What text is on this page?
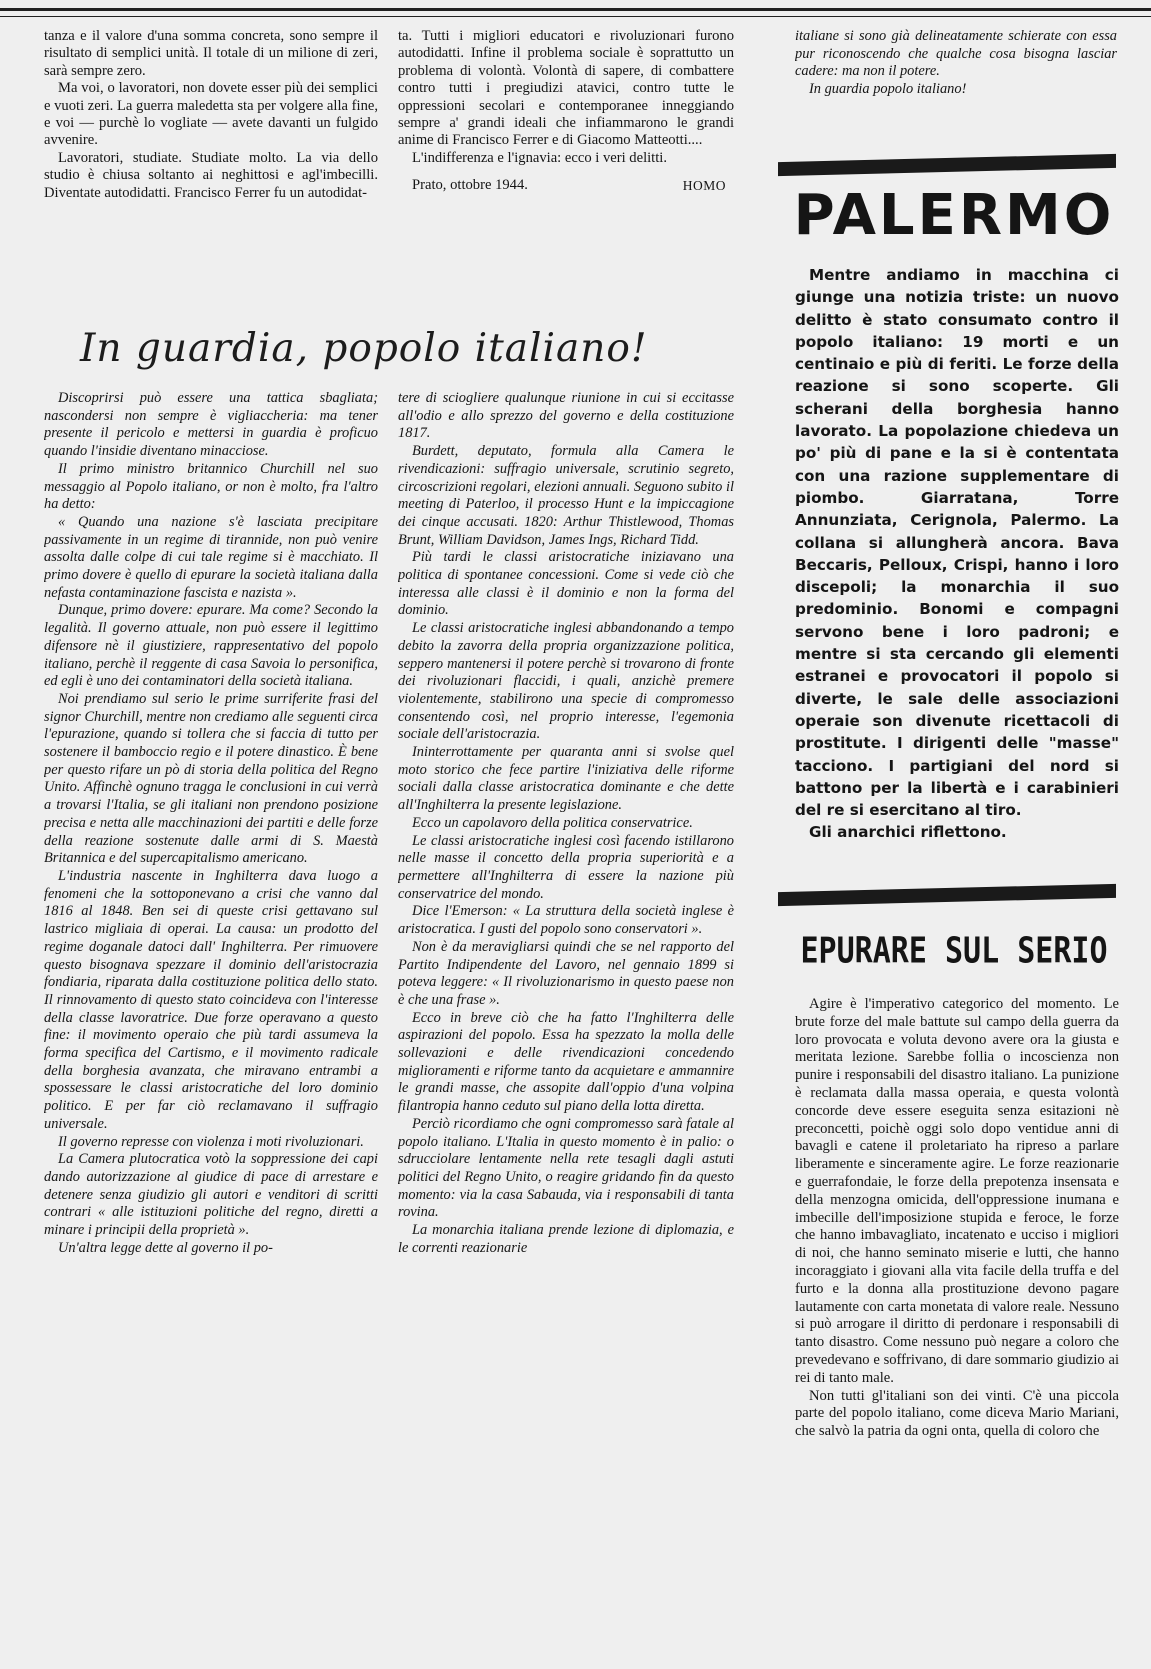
tanza e il valore d'una somma concreta, sono sempre il risultato di semplici unità. Il totale di un milione di zeri, sarà sempre zero.

Ma voi, o lavoratori, non dovete esser più dei semplici e vuoti zeri. La guerra maledetta sta per volgere alla fine, e voi — purchè lo vogliate — avete davanti un fulgido avvenire.

Lavoratori, studiate. Studiate molto. La via dello studio è chiusa soltanto ai neghittosi e agl'imbecilli. Diventate autodidatti. Francisco Ferrer fu un autodidat-

ta. Tutti i migliori educatori e rivoluzionari furono autodidatti. Infine il problema sociale è soprattutto un problema di volontà. Volontà di sapere, di combattere contro tutti i pregiudizi atavici, contro tutte le oppressioni secolari e contemporanee inneggiando sempre a' grandi ideali che infiammarono le grandi anime di Francisco Ferrer e di Giacomo Matteotti....

L'indifferenza e l'ignavia: ecco i veri delitti.

Prato, ottobre 1944.	HOMO

italiane si sono già delineatamente schierate con essa pur riconoscendo che qualche cosa bisogna lasciar cadere: ma non il potere.

In guardia popolo italiano!

In guardia, popolo italiano!

Discoprirsi può essere una tattica sbagliata; nascondersi non sempre è vigliaccheria: ma tener presente il pericolo e mettersi in guardia è proficuo quando l'insidie diventano minacciose.

Il primo ministro britannico Churchill nel suo messaggio al Popolo italiano, or non è molto, fra l'altro ha detto:

« Quando una nazione s'è lasciata precipitare passivamente in un regime di tirannide, non può venire assolta dalle colpe di cui tale regime si è macchiato. Il primo dovere è quello di epurare la società italiana dalla nefasta contaminazione fascista e nazista ».

Dunque, primo dovere: epurare. Ma come? Secondo la legalità. Il governo attuale, non può essere il legittimo difensore nè il giustiziere, rappresentativo del popolo italiano, perchè il reggente di casa Savoia lo personifica, ed egli è uno dei contaminatori della società italiana.

Noi prendiamo sul serio le prime surriferite frasi del signor Churchill, mentre non crediamo alle seguenti circa l'epurazione, quando si tollera che si faccia di tutto per sostenere il bamboccio regio e il potere dinastico. È bene per questo rifare un pò di storia della politica del Regno Unito. Affinchè ognuno tragga le conclusioni in cui verrà a trovarsi l'Italia, se gli italiani non prendono posizione precisa e netta alle macchinazioni dei partiti e delle forze della reazione sostenute dalle armi di S. Maestà Britannica e del supercapitalismo americano.

L'industria nascente in Inghilterra dava luogo a fenomeni che la sottoponevano a crisi che vanno dal 1816 al 1848. Ben sei di queste crisi gettavano sul lastrico migliaia di operai. La causa: un prodotto del regime doganale datoci dall' Inghilterra. Per rimuovere questo bisognava spezzare il dominio dell'aristocrazia fondiaria, riparata dalla costituzione politica dello stato. Il rinnovamento di questo stato coincideva con l'interesse della classe lavoratrice. Due forze operavano a questo fine: il movimento operaio che più tardi assumeva la forma specifica del Cartismo, e il movimento radicale della borghesia avanzata, che miravano entrambi a spossessare le classi aristocratiche del loro dominio politico. E per far ciò reclamavano il suffragio universale.

Il governo represse con violenza i moti rivoluzionari.

La Camera plutocratica votò la soppressione dei capi dando autorizzazione al giudice di pace di arrestare e detenere senza giudizio gli autori e venditori di scritti contrari « alle istituzioni politiche del regno, diretti a minare i principii della proprietà ».

Un'altra legge dette al governo il po-

tere di sciogliere qualunque riunione in cui si eccitasse all'odio e allo sprezzo del governo e della costituzione 1817.

Burdett, deputato, formula alla Camera le rivendicazioni: suffragio universale, scrutinio segreto, circoscrizioni regolari, elezioni annuali. Seguono subito il meeting di Paterloo, il processo Hunt e la impiccagione dei cinque accusati. 1820: Arthur Thistlewood, Thomas Brunt, William Davidson, James Ings, Richard Tidd.

Più tardi le classi aristocratiche iniziavano una politica di spontanee concessioni. Come si vede ciò che interessa alle classi è il dominio e non la forma del dominio.

Le classi aristocratiche inglesi abbandonando a tempo debito la zavorra della propria organizzazione politica, seppero mantenersi il potere perchè si trovarono di fronte dei rivoluzionari flaccidi, i quali, anzichè premere violentemente, stabilirono una specie di compromesso consentendo così, nel proprio interesse, l'egemonia sociale dell'aristocrazia.

Ininterrottamente per quaranta anni si svolse quel moto storico che fece partire l'iniziativa delle riforme sociali dalla classe aristocratica dominante e che dette all'Inghilterra la presente legislazione.

Ecco un capolavoro della politica conservatrice.

Le classi aristocratiche inglesi così facendo istillarono nelle masse il concetto della propria superiorità e a permettere all'Inghilterra di essere la nazione più conservatrice del mondo.

Dice l'Emerson: « La struttura della società inglese è aristocratica. I gusti del popolo sono conservatori ».

Non è da meravigliarsi quindi che se nel rapporto del Partito Indipendente del Lavoro, nel gennaio 1899 si poteva leggere: « Il rivoluzionarismo in questo paese non è che una frase ».

Ecco in breve ciò che ha fatto l'Inghilterra delle aspirazioni del popolo. Essa ha spezzato la molla delle sollevazioni e delle rivendicazioni concedendo miglioramenti e riforme tanto da acquietare e ammannire le grandi masse, che assopite dall'oppio d'una volpina filantropia hanno ceduto sul piano della lotta diretta.

Perciò ricordiamo che ogni compromesso sarà fatale al popolo italiano. L'Italia in questo momento è in palio: o sdrucciolare lentamente nella rete tesagli dagli astuti politici del Regno Unito, o reagire gridando fin da questo momento: via la casa Sabauda, via i responsabili di tanta rovina.

La monarchia italiana prende lezione di diplomazia, e le correnti reazionarie

PALERMO

Mentre andiamo in macchina ci giunge una notizia triste: un nuovo delitto è stato consumato contro il popolo italiano: 19 morti e un centinaio e più di feriti. Le forze della reazione si sono scoperte. Gli scherani della borghesia hanno lavorato. La popolazione chiedeva un po' più di pane e la si è contentata con una razione supplementare di piombo. Giarratana, Torre Annunziata, Cerignola, Palermo. La collana si allungherà ancora. Bava Beccaris, Pelloux, Crispi, hanno i loro discepoli; la monarchia il suo predominio. Bonomi e compagni servono bene i loro padroni; e mentre si sta cercando gli elementi estranei e provocatori il popolo si diverte, le sale delle associazioni operaie son divenute ricettacoli di prostitute. I dirigenti delle "masse" tacciono. I partigiani del nord si battono per la libertà e i carabinieri del re si esercitano al tiro.

Gli anarchici riflettono.

EPURARE SUL SERIO

Agire è l'imperativo categorico del momento. Le brute forze del male battute sul campo della guerra da loro provocata e voluta devono avere ora la giusta e meritata lezione. Sarebbe follia o incoscienza non punire i responsabili del disastro italiano. La punizione è reclamata dalla massa operaia, e questa volontà concorde deve essere eseguita senza esitazioni nè preconcetti, poichè oggi solo dopo ventidue anni di bavagli e catene il proletariato ha ripreso a parlare liberamente e sinceramente agire. Le forze reazionarie e guerrafondaie, le forze della prepotenza insensata e della menzogna omicida, dell'oppressione inumana e imbecille dell'imposizione stupida e feroce, le forze che hanno imbavagliato, incatenato e ucciso i migliori di noi, che hanno seminato miserie e lutti, che hanno incoraggiato i giovani alla vita facile della truffa e del furto e la donna alla prostituzione devono pagare lautamente con carta monetata di valore reale. Nessuno si può arrogare il diritto di perdonare i responsabili di tanto disastro. Come nessuno può negare a coloro che prevedevano e soffrivano, di dare sommario giudizio ai rei di tanto male.

Non tutti gl'italiani son dei vinti. C'è una piccola parte del popolo italiano, come diceva Mario Mariani, che salvò la patria da ogni onta, quella di coloro che
